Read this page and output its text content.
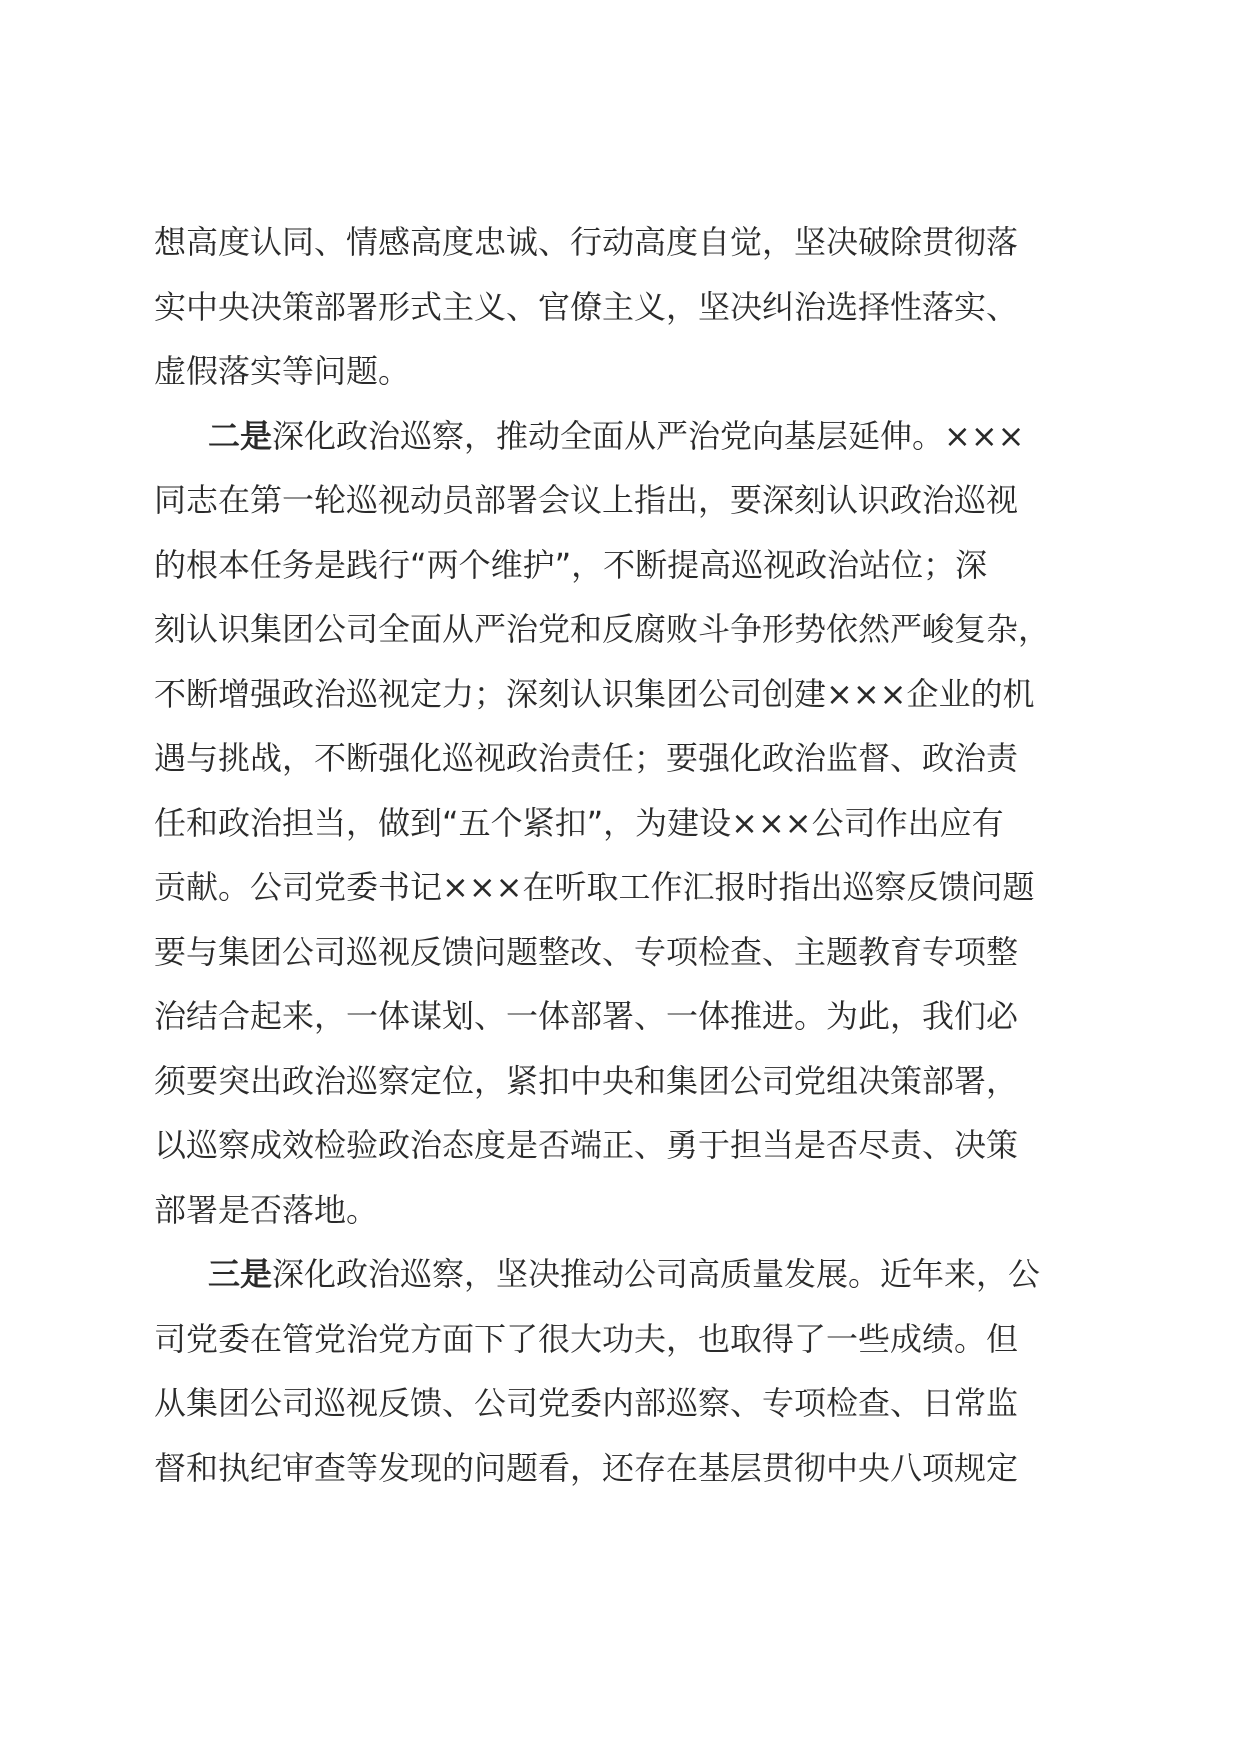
想高度认同、情感高度忠诚、行动高度自觉，坚决破除贯彻落
实中央决策部署形式主义、官僚主义，坚决纠治选择性落实、
虚假落实等问题。
二是深化政治巡察，推动全面从严治党向基层延伸。×××
同志在第一轮巡视动员部署会议上指出，要深刻认识政治巡视
的根本任务是践行“两个维护”，不断提高巡视政治站位；深
刻认识集团公司全面从严治党和反腐败斗争形势依然严峻复杂，
不断增强政治巡视定力；深刻认识集团公司创建×××企业的机
遇与挑战，不断强化巡视政治责任；要强化政治监督、政治责
任和政治担当，做到“五个紧扣”，为建设×××公司作出应有
贡献。公司党委书记×××在听取工作汇报时指出巡察反馈问题
要与集团公司巡视反馈问题整改、专项检查、主题教育专项整
治结合起来，一体谋划、一体部署、一体推进。为此，我们必
须要突出政治巡察定位，紧扣中央和集团公司党组决策部署，
以巡察成效检验政治态度是否端正、勇于担当是否尽责、决策
部署是否落地。
三是深化政治巡察，坚决推动公司高质量发展。近年来，公
司党委在管党治党方面下了很大功夫，也取得了一些成绩。但
从集团公司巡视反馈、公司党委内部巡察、专项检查、日常监
督和执纪审查等发现的问题看，还存在基层贯彻中央八项规定
